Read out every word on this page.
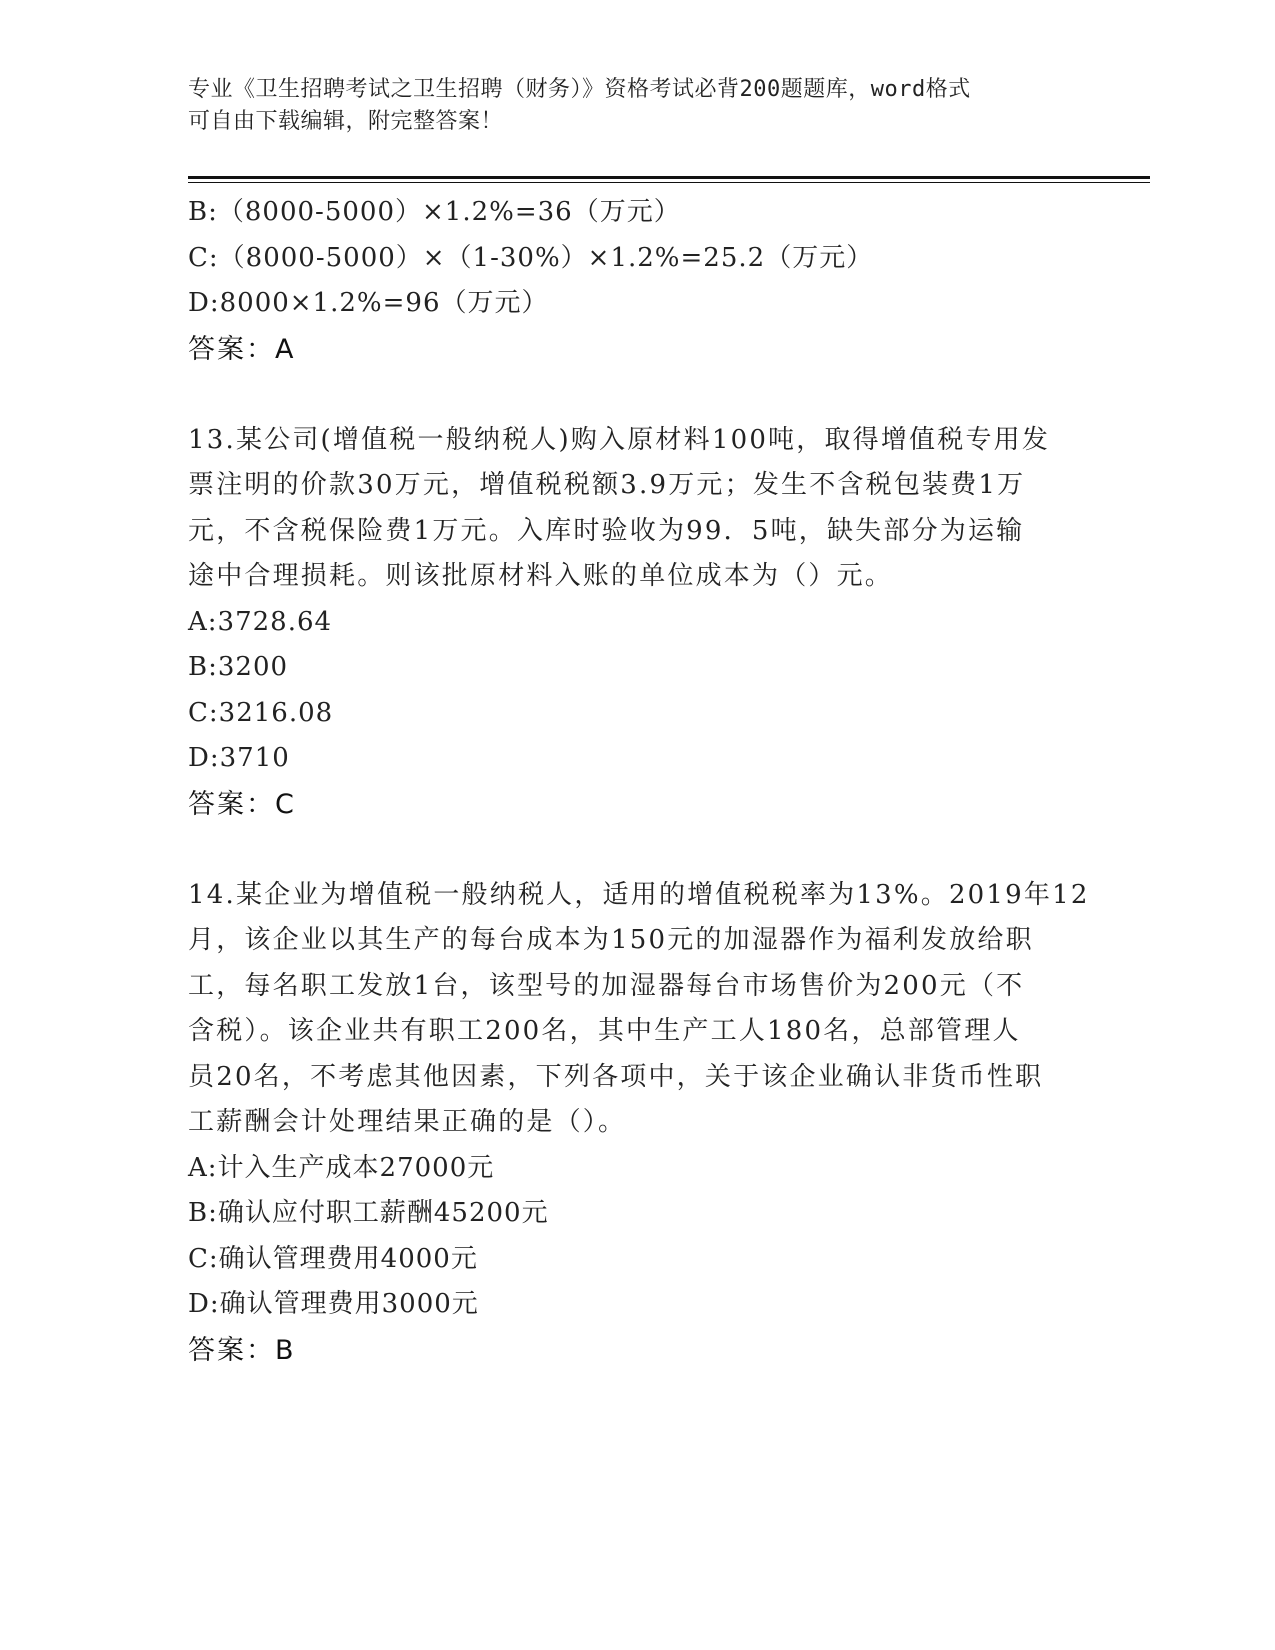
专业《卫生招聘考试之卫生招聘（财务）》资格考试必背200题题库，word格式
可自由下载编辑，附完整答案！
B:（8000-5000）×1.2%=36（万元）
C:（8000-5000）×（1-30%）×1.2%=25.2（万元）
D:8000×1.2%=96（万元）
答案：A
13.某公司(增值税一般纳税人)购入原材料100吨，取得增值税专用发
票注明的价款30万元，增值税税额3.9万元；发生不含税包装费1万
元，不含税保险费1万元。入库时验收为99．5吨，缺失部分为运输
途中合理损耗。则该批原材料入账的单位成本为（）元。
A:3728.64
B:3200
C:3216.08
D:3710
答案：C
14.某企业为增值税一般纳税人，适用的增值税税率为13%。2019年12
月，该企业以其生产的每台成本为150元的加湿器作为福利发放给职
工，每名职工发放1台，该型号的加湿器每台市场售价为200元（不
含税）。该企业共有职工200名，其中生产工人180名，总部管理人
员20名，不考虑其他因素，下列各项中，关于该企业确认非货币性职
工薪酬会计处理结果正确的是（）。
A:计入生产成本27000元
B:确认应付职工薪酬45200元
C:确认管理费用4000元
D:确认管理费用3000元
答案：B
